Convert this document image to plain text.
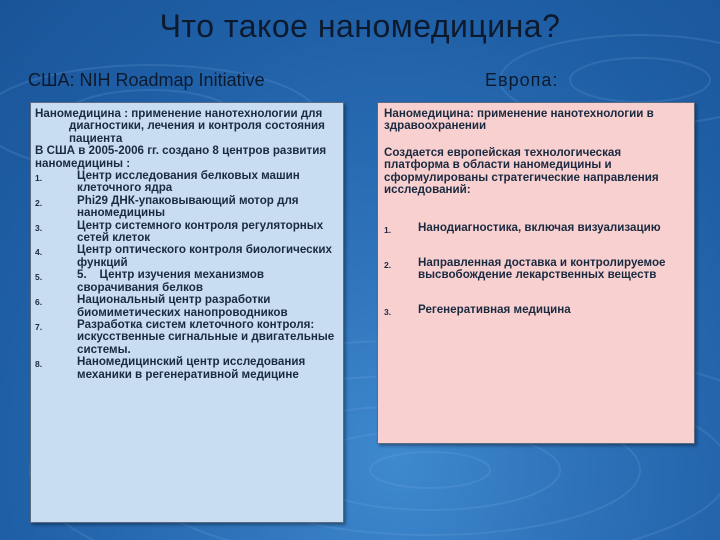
Что такое наномедицина?
США: NIH Roadmap Initiative	Европа:

Наномедицина : применение нанотехнологии для диагностики, лечения и контроля состояния пациента

В США в 2005-2006 гг. создано 8 центров развития наномедицины :

1.	Центр исследования белковых машин клеточного ядра
2.	Phi29 ДНК-упаковывающий мотор для наномедицины
3.	Центр системного контроля регуляторных сетей клеток
4.	Центр оптического контроля биологических функций
5.	5.    Центр изучения механизмов сворачивания белков
6.	Национальный центр разработки биомиметических нанопроводников
7.	Разработка систем клеточного контроля: искусственные сигнальные и двигательные системы.
8.	Наномедицинский центр исследования механики в регенеративной медицине

Наномедицина: применение нанотехнологии в здравоохранении

Создается европейская технологическая платформа в области наномедицины и сформулированы стратегические направления исследований:

1.	Нанодиагностика, включая визуализацию
2.	Направленная доставка и контролируемое высвобождение лекарственных веществ
3.	Регенеративная медицина
